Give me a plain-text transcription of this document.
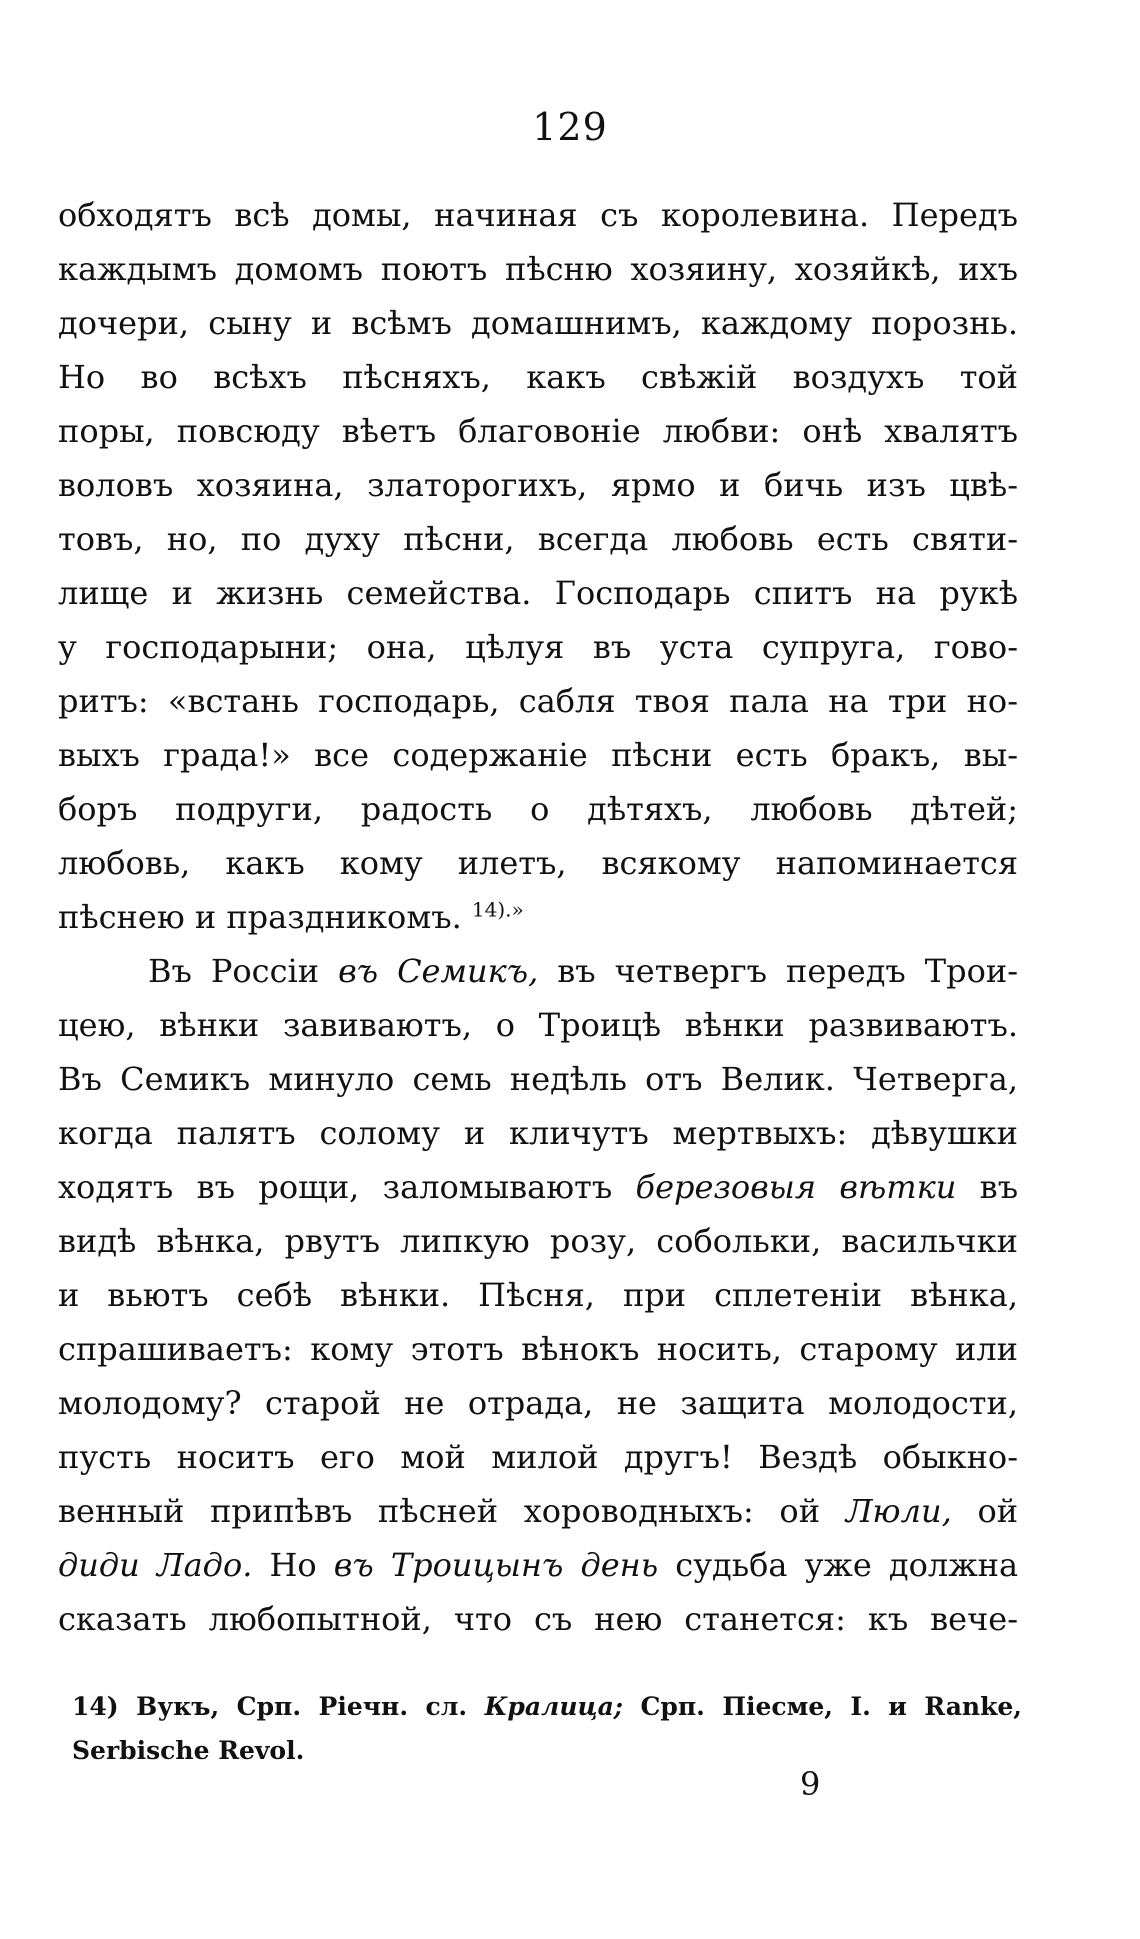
129
обходятъ всѣ домы, начиная съ королевина. Передъ
каждымъ домомъ поютъ пѣсню хозяину, хозяйкѣ, ихъ
дочери, сыну и всѣмъ домашнимъ, каждому порознь.
Но во всѣхъ пѣсняхъ, какъ свѣжій воздухъ той
поры, повсюду вѣетъ благовоніе любви: онѣ хвалятъ
воловъ хозяина, златорогихъ, ярмо и бичь изъ цвѣ-
товъ, но, по духу пѣсни, всегда любовь есть святи-
лище и жизнь семейства. Господарь спитъ на рукѣ
у господарыни; она, цѣлуя въ уста супруга, гово-
ритъ: «встань господарь, сабля твоя пала на три но-
выхъ града!» все содержаніе пѣсни есть бракъ, вы-
боръ подруги, радость о дѣтяхъ, любовь дѣтей;
любовь, какъ кому илетъ, всякому напоминается
пѣснею и праздникомъ. $^{14).»}$
Въ Россіи въ Семикъ, въ четвергъ передъ Трои-
цею, вѣнки завиваютъ, о Троицѣ вѣнки развиваютъ.
Въ Семикъ минуло семь недѣль отъ Велик. Четверга,
когда палятъ солому и кличутъ мертвыхъ: дѣвушки
ходятъ въ рощи, заломываютъ березовыя вѣтки въ
видѣ вѣнка, рвутъ липкую розу, собольки, васильчки
и вьютъ себѣ вѣнки. Пѣсня, при сплетеніи вѣнка,
спрашиваетъ: кому этотъ вѣнокъ носить, старому или
молодому? старой не отрада, не защита молодости,
пусть носитъ его мой милой другъ! Вездѣ обыкно-
венный припѣвъ пѣсней хороводныхъ: ой Люли, ой
диди Ладо. Но въ Троицынъ день судьба уже должна
сказать любопытной, что съ нею станется: къ вече-
14) Вукъ, Срп. Ріечн. сл. Кралица; Срп. Піесме, I. и Ranke,
Serbische Revol.
9
